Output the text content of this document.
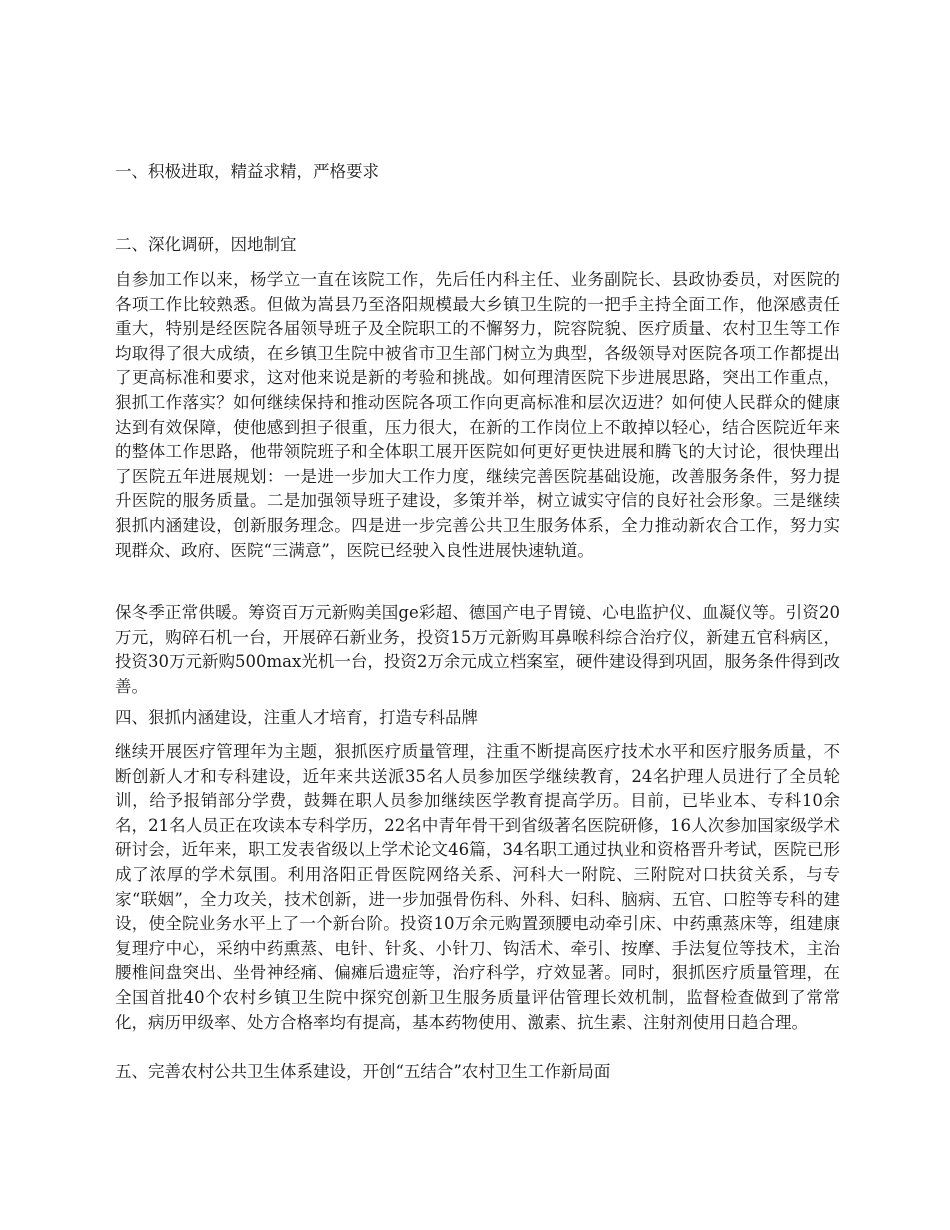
一、积极进取，精益求精，严格要求
二、深化调研，因地制宜
自参加工作以来，杨学立一直在该院工作，先后任内科主任、业务副院长、县政协委员，对医院的各项工作比较熟悉。但做为嵩县乃至洛阳规模最大乡镇卫生院的一把手主持全面工作，他深感责任重大，特别是经医院各届领导班子及全院职工的不懈努力，院容院貌、医疗质量、农村卫生等工作均取得了很大成绩，在乡镇卫生院中被省市卫生部门树立为典型，各级领导对医院各项工作都提出了更高标准和要求，这对他来说是新的考验和挑战。如何理清医院下步进展思路，突出工作重点，狠抓工作落实？如何继续保持和推动医院各项工作向更高标准和层次迈进？如何使人民群众的健康达到有效保障，使他感到担子很重，压力很大，在新的工作岗位上不敢掉以轻心，结合医院近年来的整体工作思路，他带领院班子和全体职工展开医院如何更好更快进展和腾飞的大讨论，很快理出了医院五年进展规划：一是进一步加大工作力度，继续完善医院基础设施，改善服务条件，努力提升医院的服务质量。二是加强领导班子建设，多策并举，树立诚实守信的良好社会形象。三是继续狠抓内涵建设，创新服务理念。四是进一步完善公共卫生服务体系，全力推动新农合工作，努力实现群众、政府、医院“三满意”，医院已经驶入良性进展快速轨道。
保冬季正常供暖。筹资百万元新购美国ge彩超、德国产电子胃镜、心电监护仪、血凝仪等。引资20万元，购碎石机一台，开展碎石新业务，投资15万元新购耳鼻喉科综合治疗仪，新建五官科病区，投资30万元新购500max光机一台，投资2万余元成立档案室，硬件建设得到巩固，服务条件得到改善。
四、狠抓内涵建设，注重人才培育，打造专科品牌
继续开展医疗管理年为主题，狠抓医疗质量管理，注重不断提高医疗技术水平和医疗服务质量，不断创新人才和专科建设，近年来共送派35名人员参加医学继续教育，24名护理人员进行了全员轮训，给予报销部分学费，鼓舞在职人员参加继续医学教育提高学历。目前，已毕业本、专科10余名，21名人员正在攻读本专科学历，22名中青年骨干到省级著名医院研修，16人次参加国家级学术研讨会，近年来，职工发表省级以上学术论文46篇，34名职工通过执业和资格晋升考试，医院已形成了浓厚的学术氛围。利用洛阳正骨医院网络关系、河科大一附院、三附院对口扶贫关系，与专家“联姻”，全力攻关，技术创新，进一步加强骨伤科、外科、妇科、脑病、五官、口腔等专科的建设，使全院业务水平上了一个新台阶。投资10万余元购置颈腰电动牵引床、中药熏蒸床等，组建康复理疗中心，采纳中药熏蒸、电针、针炙、小针刀、钩活术、牵引、按摩、手法复位等技术，主治腰椎间盘突出、坐骨神经痛、偏瘫后遗症等，治疗科学，疗效显著。同时，狠抓医疗质量管理，在全国首批40个农村乡镇卫生院中探究创新卫生服务质量评估管理长效机制，监督检查做到了常常化，病历甲级率、处方合格率均有提高，基本药物使用、激素、抗生素、注射剂使用日趋合理。
五、完善农村公共卫生体系建设，开创“五结合”农村卫生工作新局面
